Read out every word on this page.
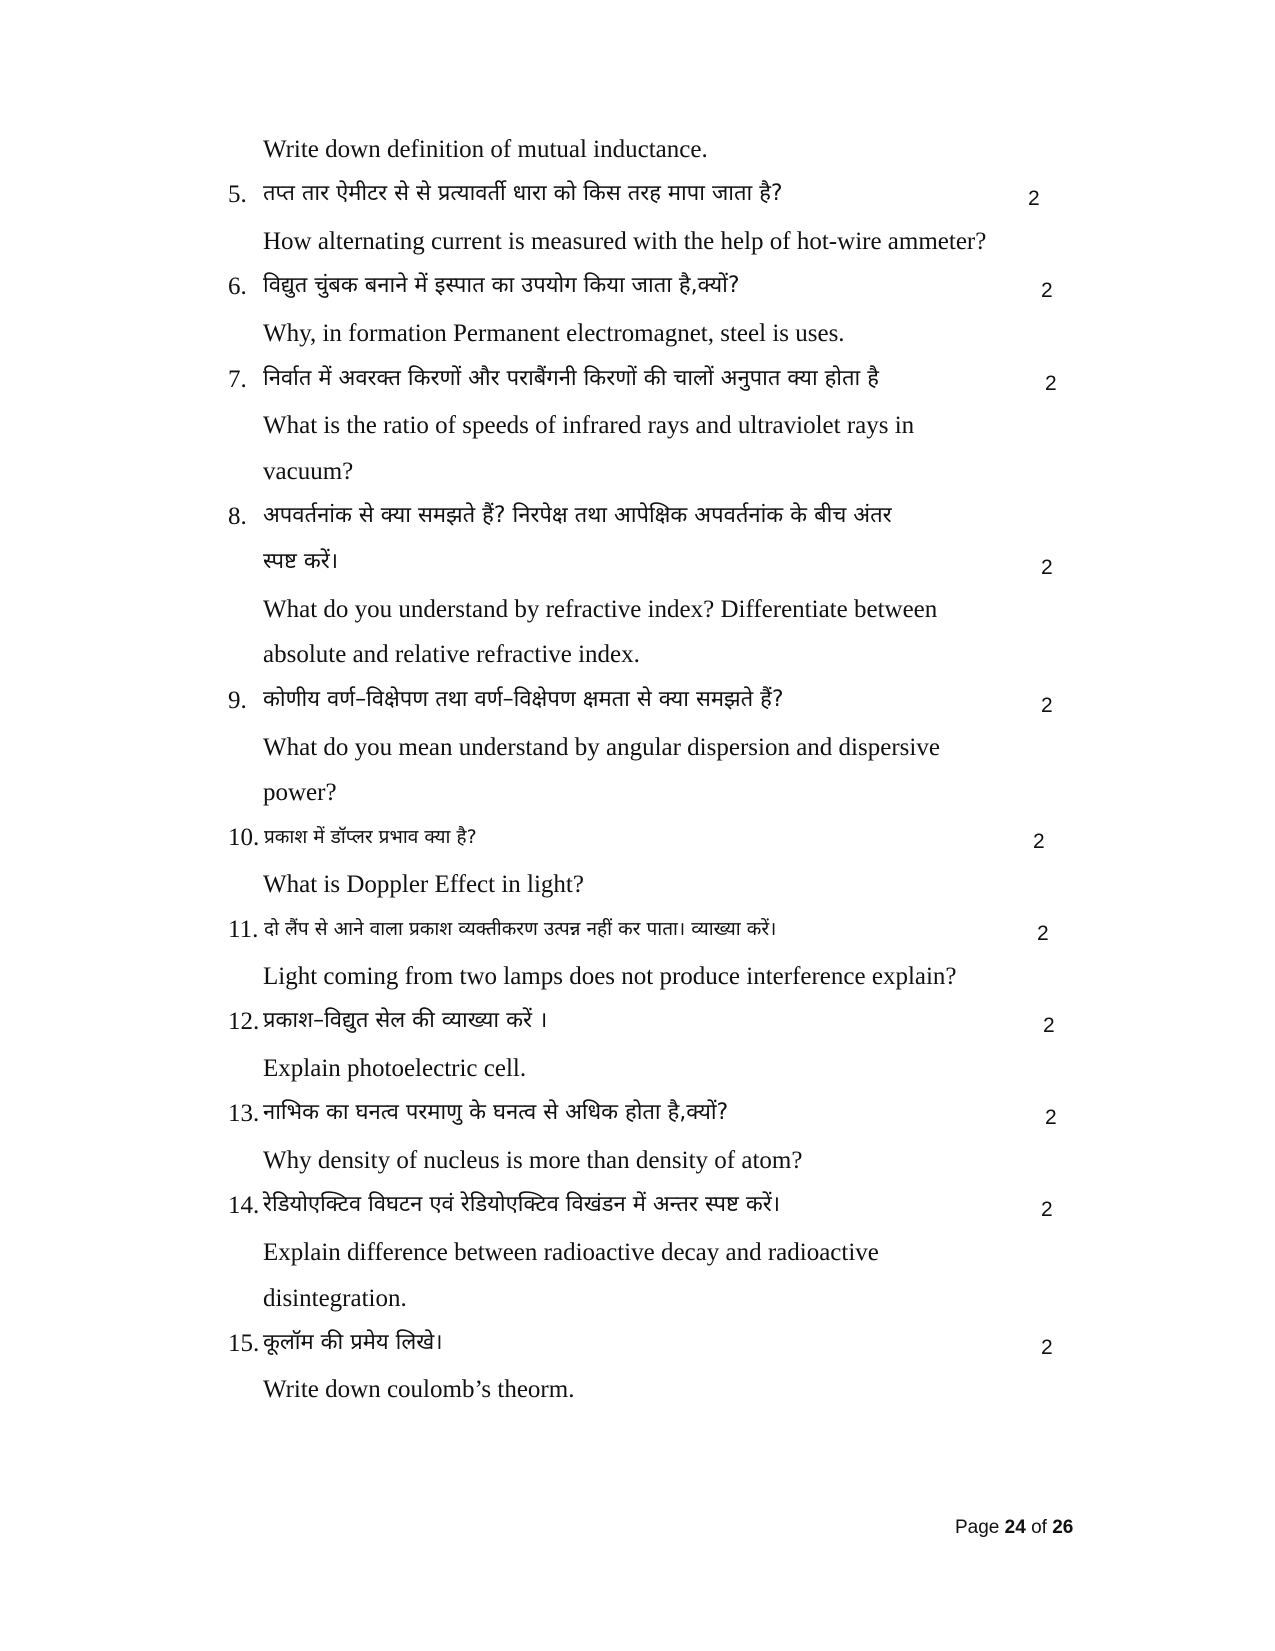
Write down definition of mutual inductance.
5. तप्त तार ऐमीटर से से प्रत्यावर्ती धारा को किस तरह मापा जाता है?	2
How alternating current is measured with the help of hot-wire ammeter?
6. विद्युत चुंबक बनाने में इस्पात का उपयोग किया जाता है,क्यों?	2
Why, in formation Permanent electromagnet, steel is uses.
7. निर्वात में अवरक्त किरणों और पराबैंगनी किरणों की चालों अनुपात क्या होता है	2
What is the ratio of speeds of infrared rays and ultraviolet rays in
vacuum?
8. अपवर्तनांक से क्या समझते हैं? निरपेक्ष तथा आपेक्षिक अपवर्तनांक के बीच अंतर
स्पष्ट करें।	2
What do you understand by refractive index? Differentiate between
absolute and relative refractive index.
9. कोणीय वर्ण–विक्षेपण तथा वर्ण–विक्षेपण क्षमता से क्या समझते हैं?	2
What do you mean understand by angular dispersion and dispersive
power?
10. प्रकाश में डॉप्लर प्रभाव क्या है?	2
What is Doppler Effect in light?
11. दो लैंप से आने वाला प्रकाश व्यक्तीकरण उत्पन्न नहीं कर पाता। व्याख्या करें।	2
Light coming from two lamps does not produce interference explain?
12. प्रकाश–विद्युत सेल की व्याख्या करें ।	2
Explain photoelectric cell.
13. नाभिक का घनत्व परमाणु के घनत्व से अधिक होता है,क्यों?	2
Why density of nucleus is more than density of atom?
14. रेडियोएक्टिव विघटन एवं रेडियोएक्टिव विखंडन में अन्तर स्पष्ट करें।	2
Explain difference between radioactive decay and radioactive
disintegration.
15. कूलॉम की प्रमेय लिखे।	2
Write down coulomb’s theorm.
Page 24 of 26
